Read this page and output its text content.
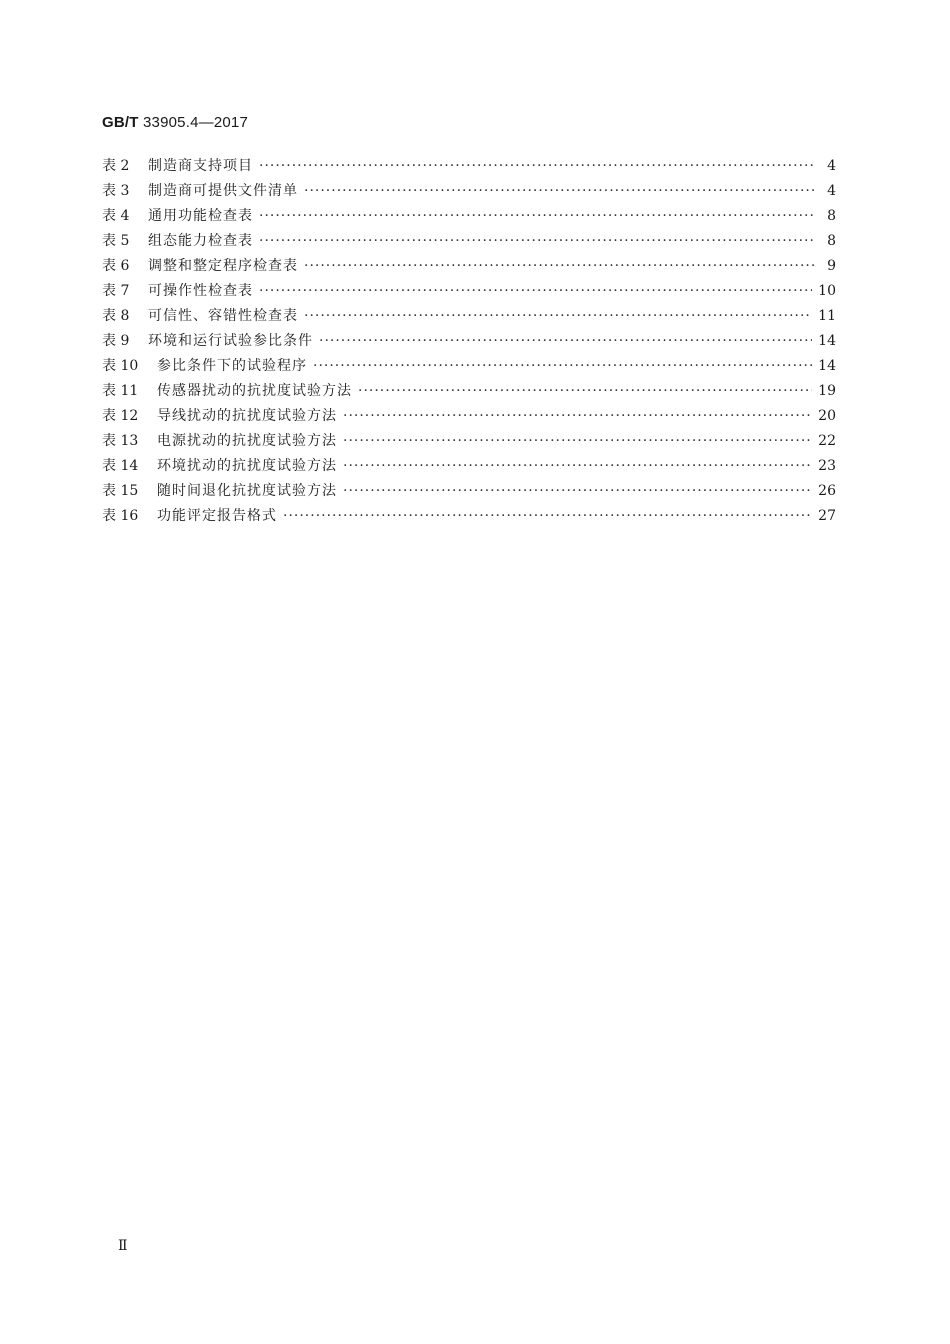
GB/T 33905.4—2017
表 2 制造商支持项目 ·····	4
表 3 制造商可提供文件清单 ·····	4
表 4 通用功能检查表 ·····	8
表 5 组态能力检查表 ·····	8
表 6 调整和整定程序检查表 ·····	9
表 7 可操作性检查表 ·····	10
表 8 可信性、容错性检查表 ·····	11
表 9 环境和运行试验参比条件 ·····	14
表 10 参比条件下的试验程序 ·····	14
表 11 传感器扰动的抗扰度试验方法 ·····	19
表 12 导线扰动的抗扰度试验方法 ·····	20
表 13 电源扰动的抗扰度试验方法 ·····	22
表 14 环境扰动的抗扰度试验方法 ·····	23
表 15 随时间退化抗扰度试验方法 ·····	26
表 16 功能评定报告格式 ·····	27
Ⅱ
